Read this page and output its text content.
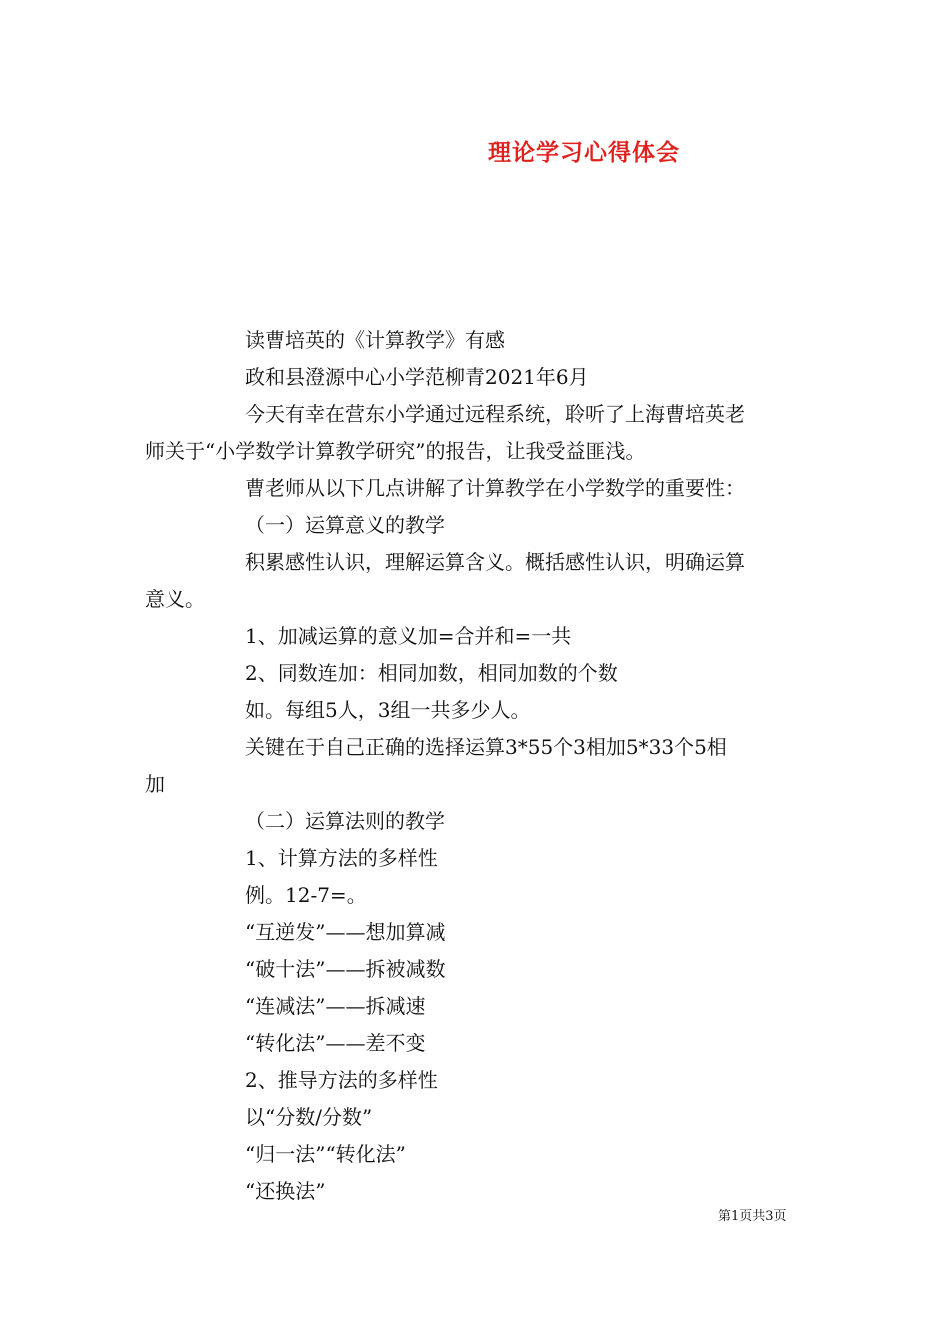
理论学习心得体会
读曹培英的《计算教学》有感
政和县澄源中心小学范柳青2021年6月
今天有幸在营东小学通过远程系统，聆听了上海曹培英老
师关于“小学数学计算教学研究”的报告，让我受益匪浅。
曹老师从以下几点讲解了计算教学在小学数学的重要性：
（一）运算意义的教学
积累感性认识，理解运算含义。概括感性认识，明确运算
意义。
1、加减运算的意义加=合并和=一共
2、同数连加：相同加数，相同加数的个数
如。每组5人，3组一共多少人。
关键在于自己正确的选择运算3*55个3相加5*33个5相
加
（二）运算法则的教学
1、计算方法的多样性
例。12-7=。
“互逆发”——想加算减
“破十法”——拆被减数
“连减法”——拆减速
“转化法”——差不变
2、推导方法的多样性
以“分数/分数”
“归一法”“转化法”
“还换法”
第1页共3页
